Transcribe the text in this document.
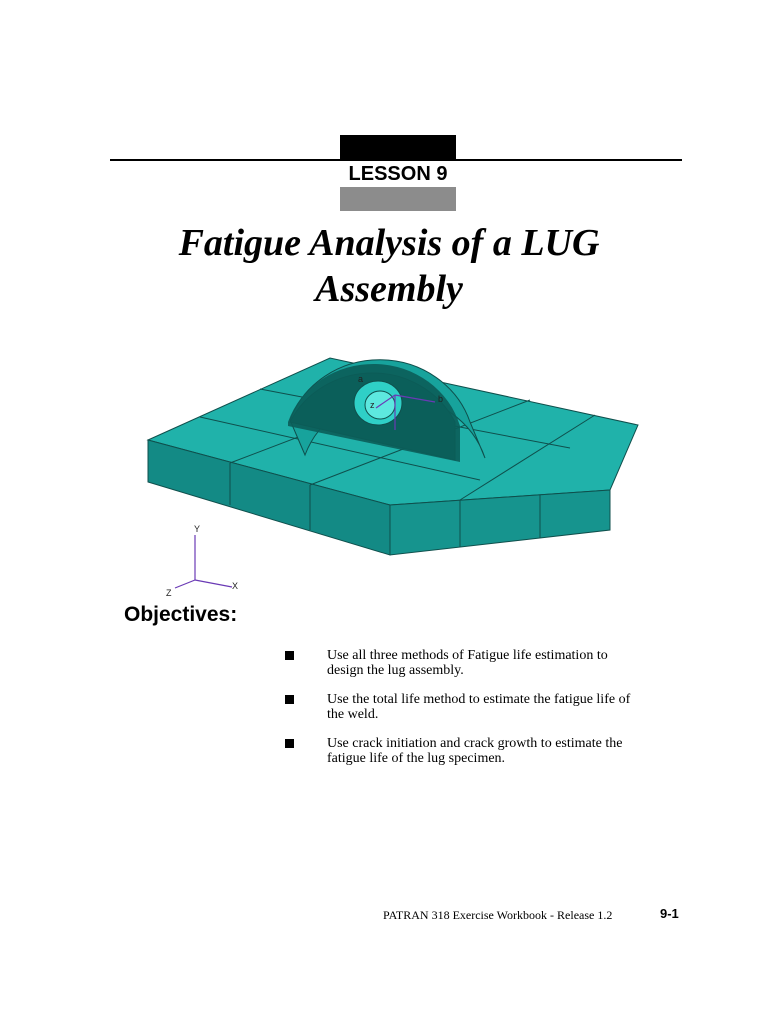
LESSON 9
Fatigue Analysis of a LUG
Assembly
a
z
b
Y
Z
X
Objectives:
Use all three methods of Fatigue life estimation to
design the lug assembly.
Use the total life method to estimate the fatigue life of
the weld.
Use crack initiation and crack growth to estimate the
fatigue life of the lug specimen.
PATRAN 318 Exercise Workbook - Release 1.2	9-1
